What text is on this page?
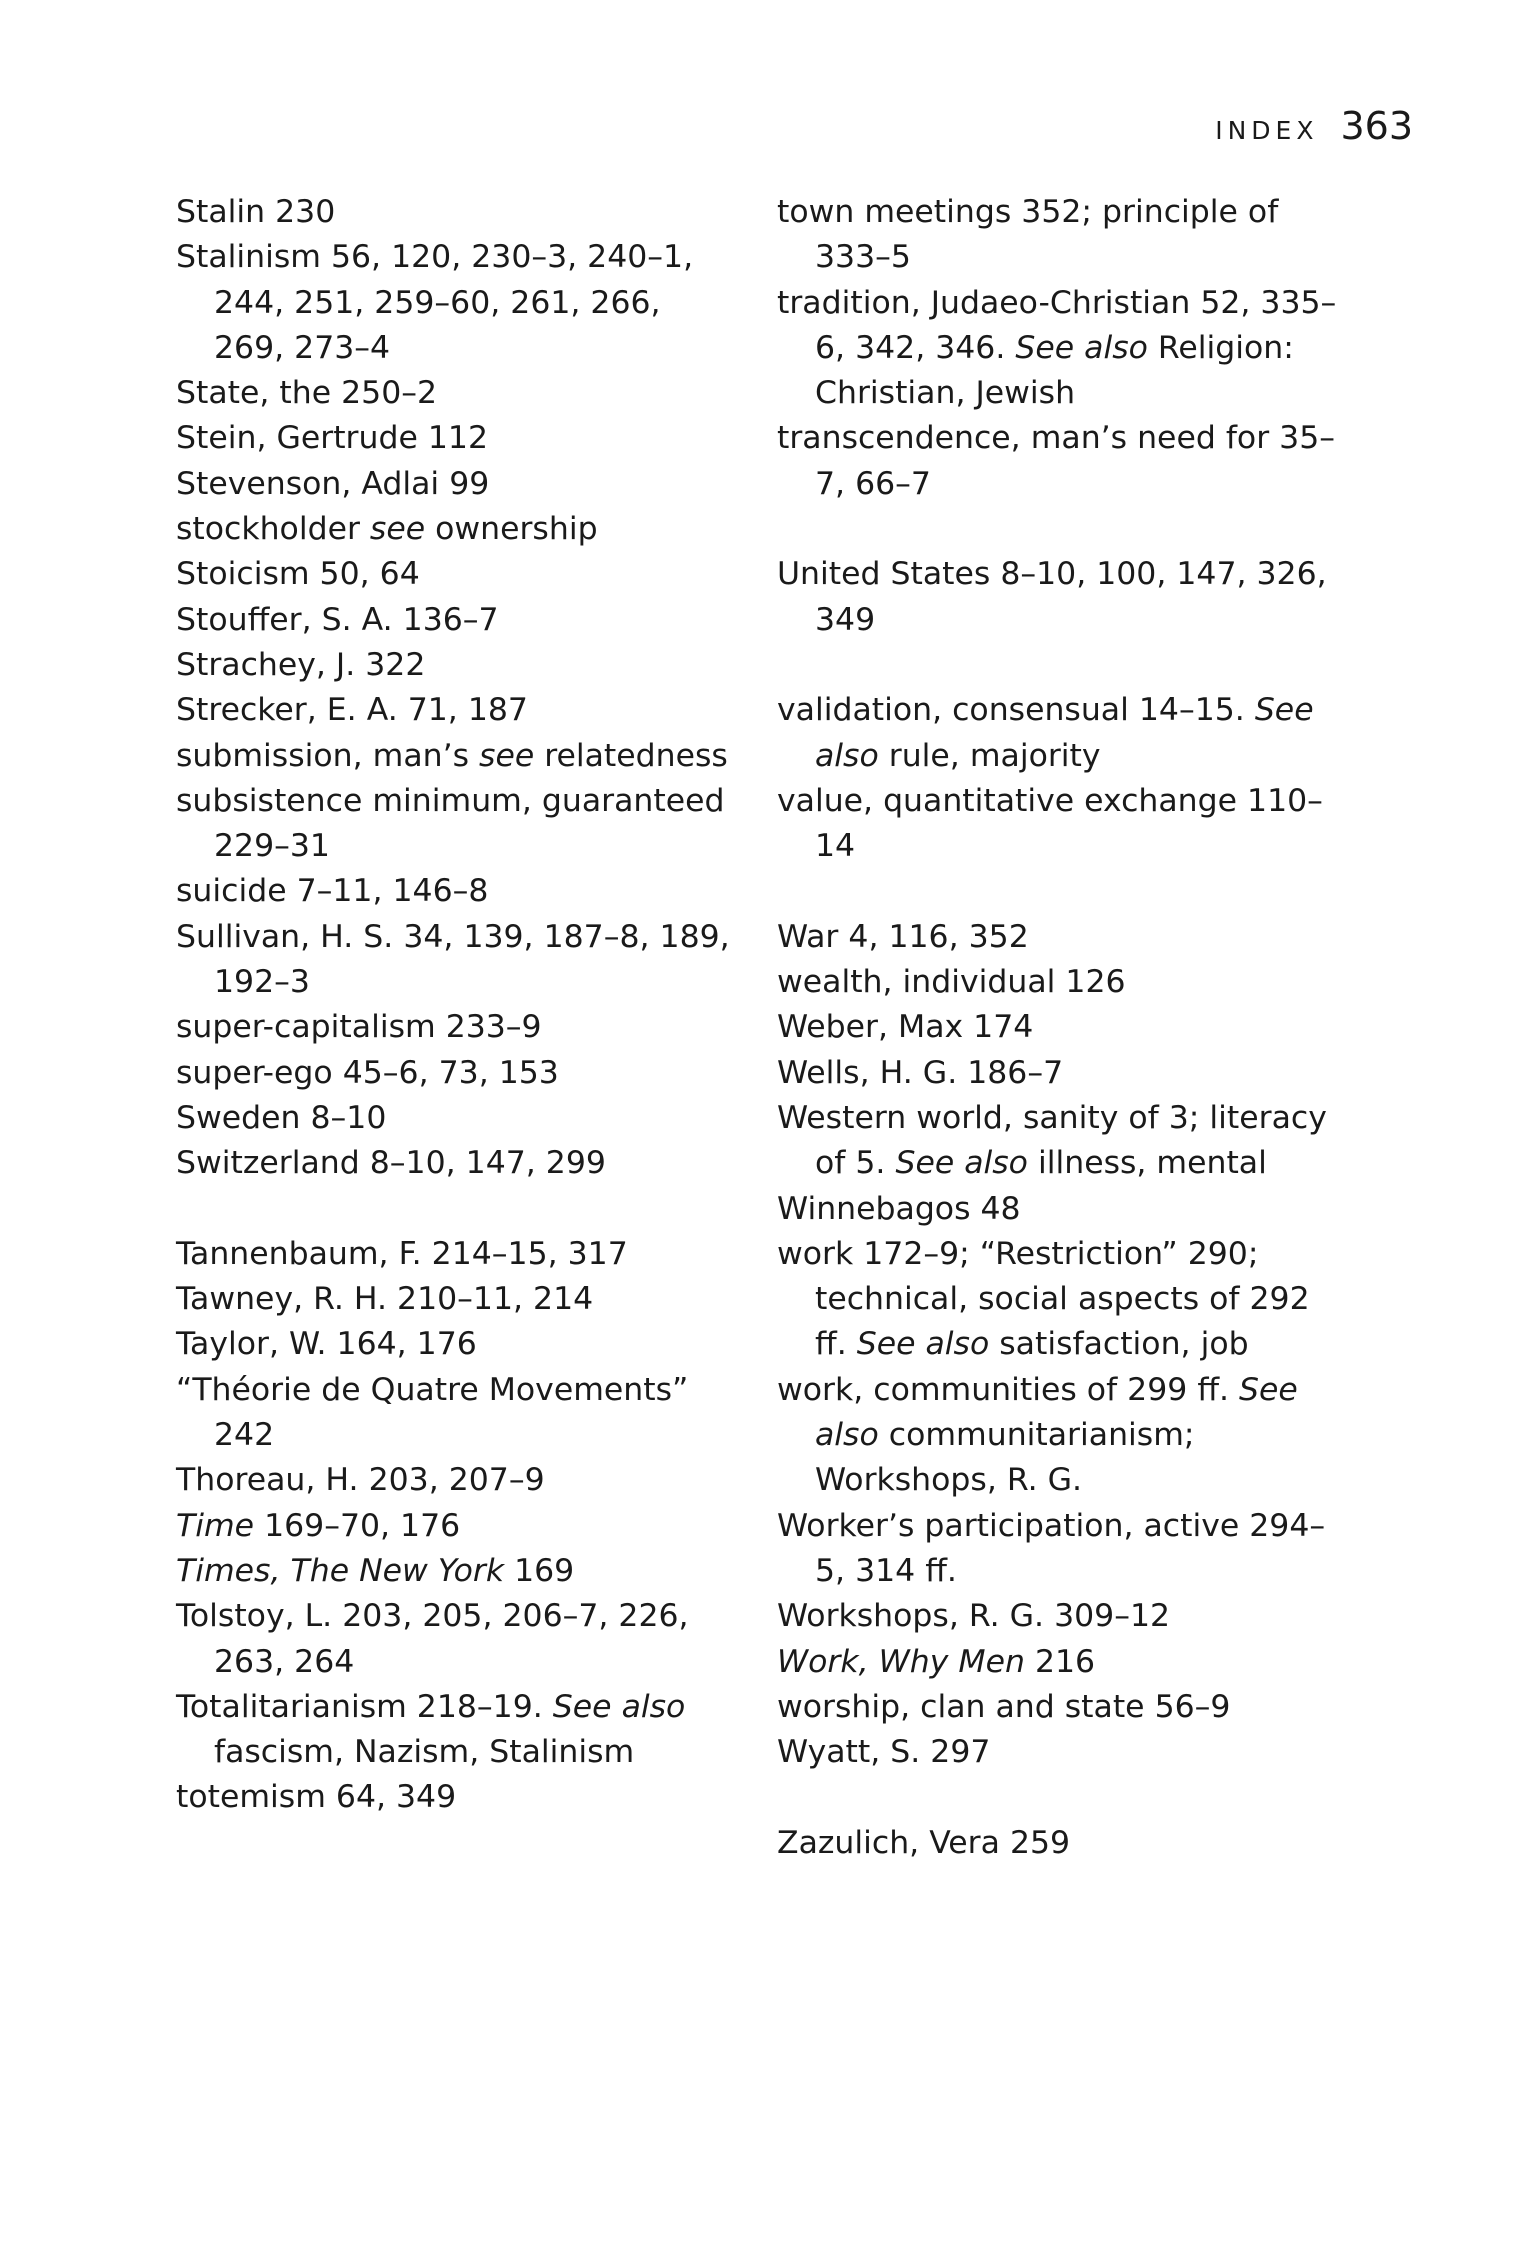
INDEX 363
Stalin 230
Stalinism 56, 120, 230–3, 240–1, 244, 251, 259–60, 261, 266, 269, 273–4
State, the 250–2
Stein, Gertrude 112
Stevenson, Adlai 99
stockholder see ownership
Stoicism 50, 64
Stouffer, S. A. 136–7
Strachey, J. 322
Strecker, E. A. 71, 187
submission, man’s see relatedness
subsistence minimum, guaranteed 229–31
suicide 7–11, 146–8
Sullivan, H. S. 34, 139, 187–8, 189, 192–3
super-capitalism 233–9
super-ego 45–6, 73, 153
Sweden 8–10
Switzerland 8–10, 147, 299
Tannenbaum, F. 214–15, 317
Tawney, R. H. 210–11, 214
Taylor, W. 164, 176
“Théorie de Quatre Movements” 242
Thoreau, H. 203, 207–9
Time 169–70, 176
Times, The New York 169
Tolstoy, L. 203, 205, 206–7, 226, 263, 264
Totalitarianism 218–19. See also fascism, Nazism, Stalinism
totemism 64, 349
town meetings 352; principle of 333–5
tradition, Judaeo-Christian 52, 335–6, 342, 346. See also Religion: Christian, Jewish
transcendence, man’s need for 35–7, 66–7
United States 8–10, 100, 147, 326, 349
validation, consensual 14–15. See also rule, majority
value, quantitative exchange 110–14
War 4, 116, 352
wealth, individual 126
Weber, Max 174
Wells, H. G. 186–7
Western world, sanity of 3; literacy of 5. See also illness, mental
Winnebagos 48
work 172–9; “Restriction” 290; technical, social aspects of 292 ff. See also satisfaction, job
work, communities of 299 ff. See also communitarianism; Workshops, R. G.
Worker’s participation, active 294–5, 314 ff.
Workshops, R. G. 309–12
Work, Why Men 216
worship, clan and state 56–9
Wyatt, S. 297
Zazulich, Vera 259
